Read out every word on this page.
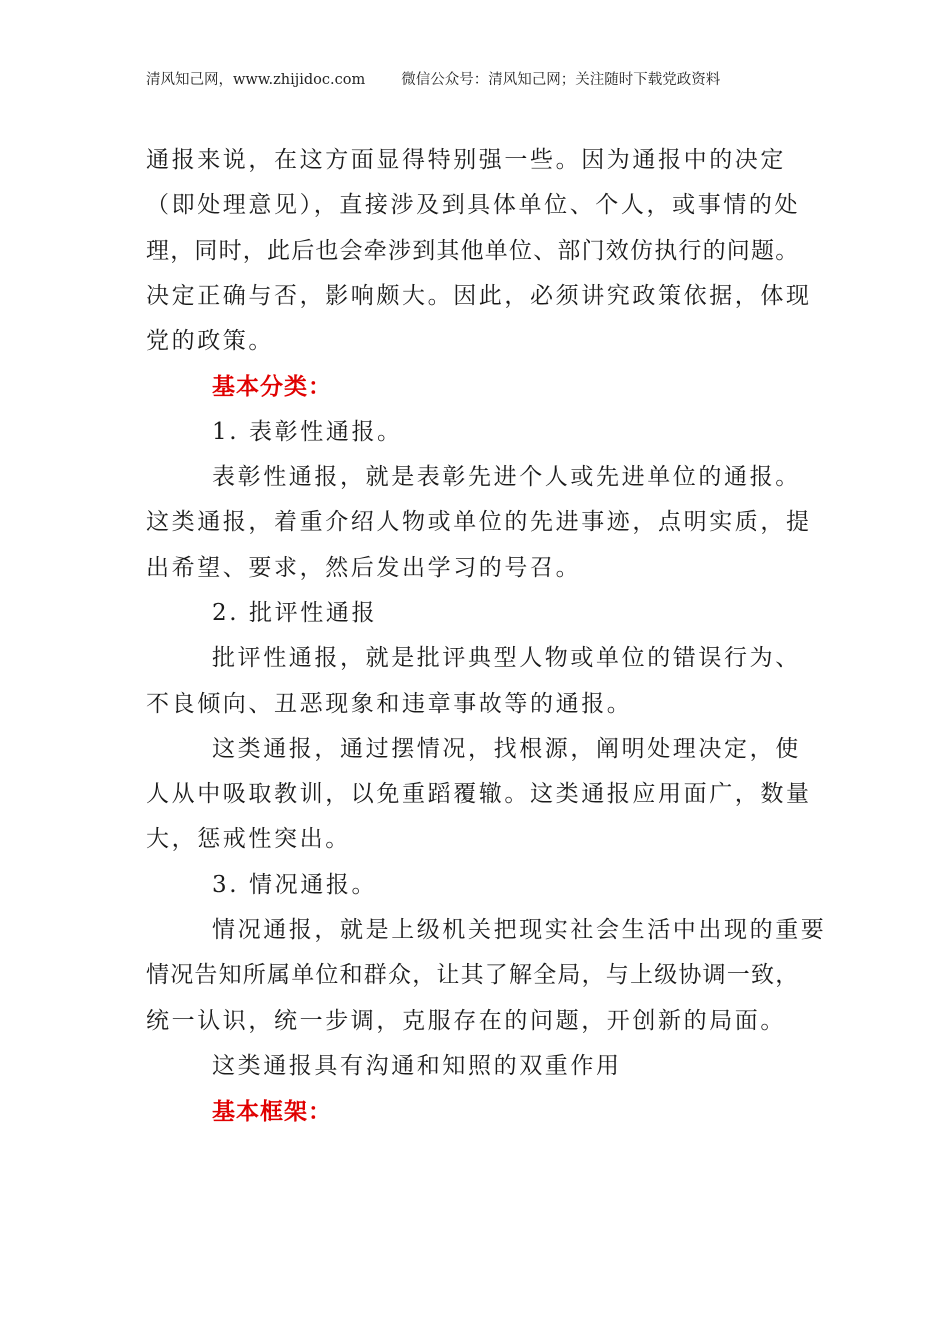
清风知己网，www.zhijidoc.com 微信公众号：清风知己网；关注随时下载党政资料
通报来说，在这方面显得特别强一些。因为通报中的决定
（即处理意见），直接涉及到具体单位、个人，或事情的处
理，同时，此后也会牵涉到其他单位、部门效仿执行的问题。
决定正确与否，影响颇大。因此，必须讲究政策依据，体现
党的政策。
基本分类：
1. 表彰性通报。
表彰性通报，就是表彰先进个人或先进单位的通报。
这类通报，着重介绍人物或单位的先进事迹，点明实质，提
出希望、要求，然后发出学习的号召。
2. 批评性通报
批评性通报，就是批评典型人物或单位的错误行为、
不良倾向、丑恶现象和违章事故等的通报。
这类通报，通过摆情况，找根源，阐明处理决定，使
人从中吸取教训，以免重蹈覆辙。这类通报应用面广，数量
大，惩戒性突出。
3. 情况通报。
情况通报，就是上级机关把现实社会生活中出现的重要
情况告知所属单位和群众，让其了解全局，与上级协调一致，
统一认识，统一步调，克服存在的问题，开创新的局面。
这类通报具有沟通和知照的双重作用
基本框架：
